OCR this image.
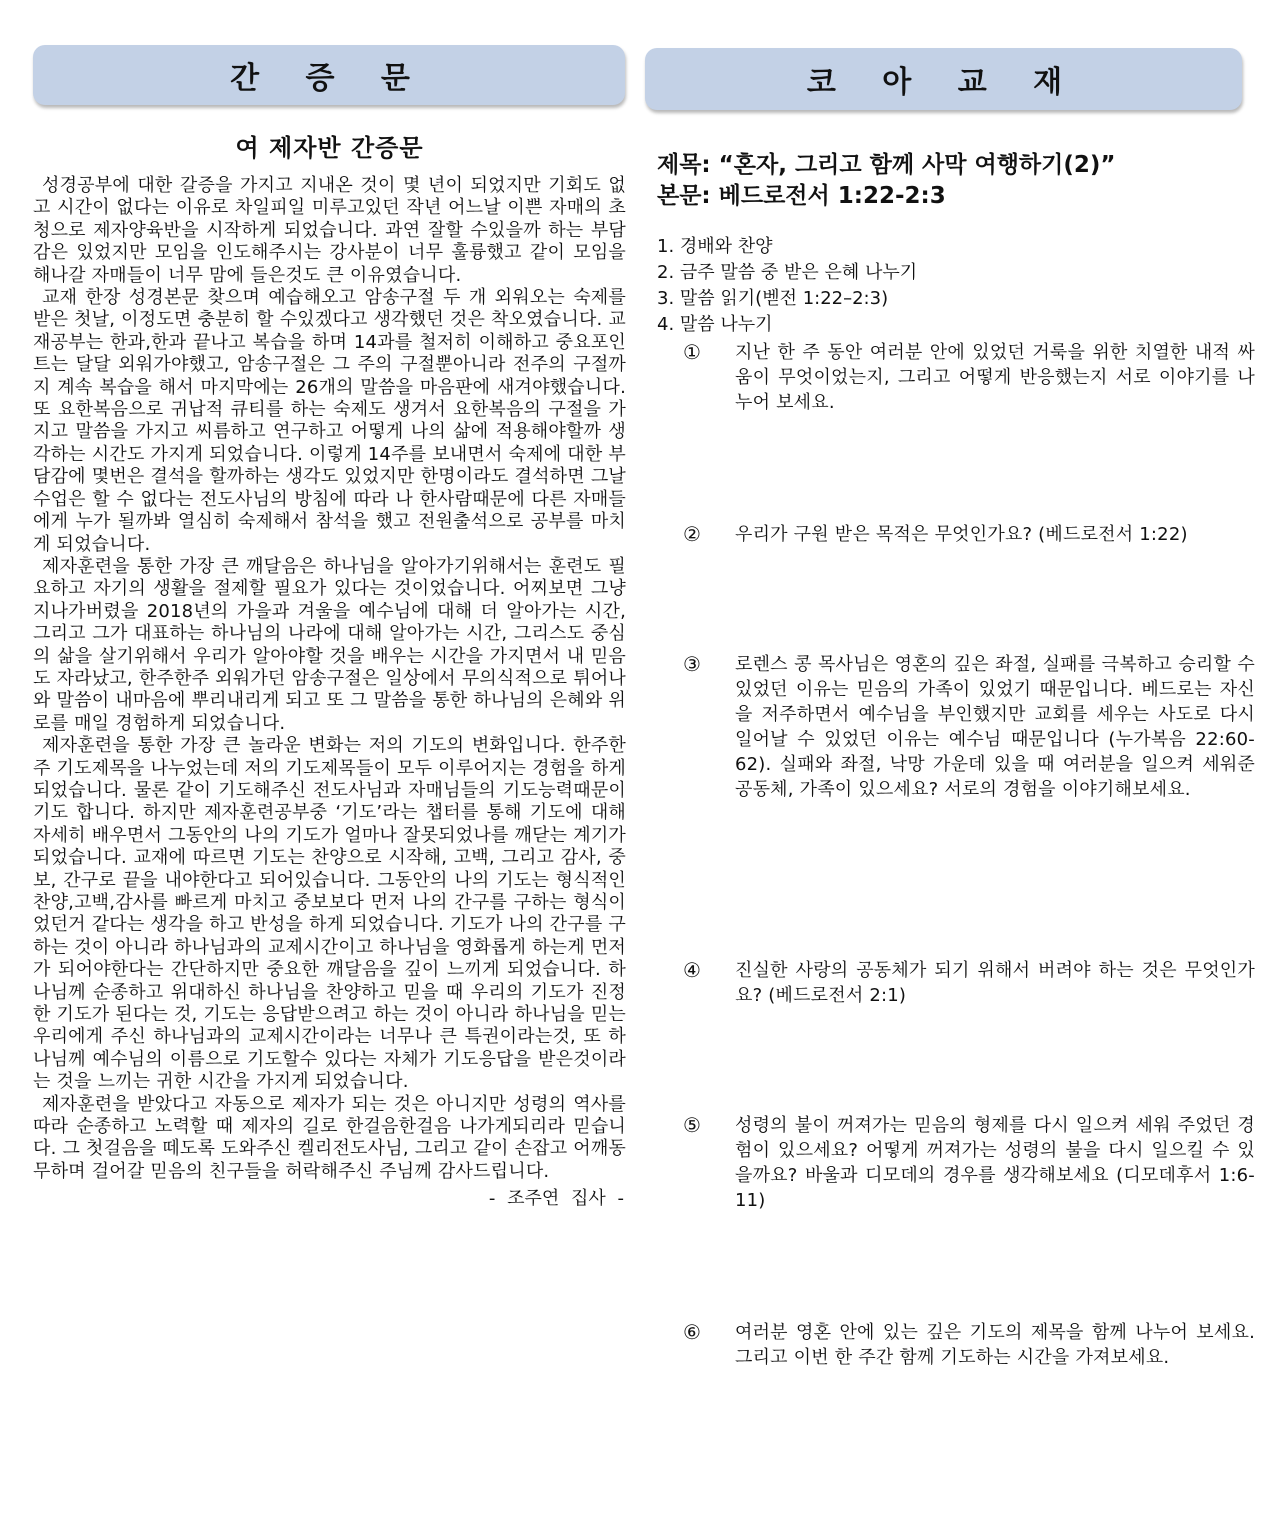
간 증 문	코 아 교 재
여 제자반 간증문

성경공부에 대한 갈증을 가지고 지내온 것이 몇 년이 되었지만 기회도 없고 시간이 없다는 이유로 차일피일 미루고있던 작년 어느날 이쁜 자매의 초청으로 제자양육반을 시작하게 되었습니다. 과연 잘할 수있을까 하는 부담감은 있었지만 모임을 인도해주시는 강사분이 너무 훌륭했고 같이 모임을 해나갈 자매들이 너무 맘에 들은것도 큰 이유였습니다.

교재 한장 성경본문 찾으며 예습해오고 암송구절 두 개 외워오는 숙제를 받은 첫날, 이정도면 충분히 할 수있겠다고 생각했던 것은 착오였습니다. 교재공부는 한과,한과 끝나고 복습을 하며 14과를 철저히 이해하고 중요포인트는 달달 외워가야했고, 암송구절은 그 주의 구절뿐아니라 전주의 구절까지 계속 복습을 해서 마지막에는 26개의 말씀을 마음판에 새겨야했습니다. 또 요한복음으로 귀납적 큐티를 하는 숙제도 생겨서 요한복음의 구절을 가지고 말씀을 가지고 씨름하고 연구하고 어떻게 나의 삶에 적용해야할까 생각하는 시간도 가지게 되었습니다. 이렇게 14주를 보내면서 숙제에 대한 부담감에 몇번은 결석을 할까하는 생각도 있었지만 한명이라도 결석하면 그날수업은 할 수 없다는 전도사님의 방침에 따라 나 한사람때문에 다른 자매들에게 누가 될까봐 열심히 숙제해서 참석을 했고 전원출석으로 공부를 마치게 되었습니다.

제자훈련을 통한 가장 큰 깨달음은 하나님을 알아가기위해서는 훈련도 필요하고 자기의 생활을 절제할 필요가 있다는 것이었습니다. 어찌보면 그냥 지나가버렸을 2018년의 가을과 겨울을 예수님에 대해 더 알아가는 시간, 그리고 그가 대표하는 하나님의 나라에 대해 알아가는 시간, 그리스도 중심의 삶을 살기위해서 우리가 알아야할 것을 배우는 시간을 가지면서 내 믿음도 자라났고, 한주한주 외워가던 암송구절은 일상에서 무의식적으로 튀어나와 말씀이 내마음에 뿌리내리게 되고 또 그 말씀을 통한 하나님의 은혜와 위로를 매일 경험하게 되었습니다.

제자훈련을 통한 가장 큰 놀라운 변화는 저의 기도의 변화입니다. 한주한주 기도제목을 나누었는데 저의 기도제목들이 모두 이루어지는 경험을 하게 되었습니다. 물론 같이 기도해주신 전도사님과 자매님들의 기도능력때문이기도 합니다. 하지만 제자훈련공부중 ‘기도’라는 챕터를 통해 기도에 대해 자세히 배우면서 그동안의 나의 기도가 얼마나 잘못되었나를 깨닫는 계기가 되었습니다. 교재에 따르면 기도는 찬양으로 시작해, 고백, 그리고 감사, 중보, 간구로 끝을 내야한다고 되어있습니다. 그동안의 나의 기도는 형식적인 찬양,고백,감사를 빠르게 마치고 중보보다 먼저 나의 간구를 구하는 형식이었던거 같다는 생각을 하고 반성을 하게 되었습니다. 기도가 나의 간구를 구하는 것이 아니라 하나님과의 교제시간이고 하나님을 영화롭게 하는게 먼저가 되어야한다는 간단하지만 중요한 깨달음을 깊이 느끼게 되었습니다. 하나님께 순종하고 위대하신 하나님을 찬양하고 믿을 때 우리의 기도가 진정한 기도가 된다는 것, 기도는 응답받으려고 하는 것이 아니라 하나님을 믿는 우리에게 주신 하나님과의 교제시간이라는 너무나 큰 특권이라는것, 또 하나님께 예수님의 이름으로 기도할수 있다는 자체가 기도응답을 받은것이라는 것을 느끼는 귀한 시간을 가지게 되었습니다.

제자훈련을 받았다고 자동으로 제자가 되는 것은 아니지만 성령의 역사를 따라 순종하고 노력할 때 제자의 길로 한걸음한걸음 나가게되리라 믿습니다. 그 첫걸음을 떼도록 도와주신 켈리전도사님, 그리고 같이 손잡고 어깨동무하며 걸어갈 믿음의 친구들을 허락해주신 주님께 감사드립니다.

- 조주연 집사 -

제목: “혼자, 그리고 함께 사막 여행하기(2)”
본문: 베드로전서 1:22-2:3
1. 경배와 찬양
2. 금주 말씀 중 받은 은혜 나누기
3. 말씀 읽기(벧전 1:22–2:3)
4. 말씀 나누기
①	지난 한 주 동안 여러분 안에 있었던 거룩을 위한 치열한 내적 싸움이 무엇이었는지, 그리고 어떻게 반응했는지 서로 이야기를 나누어 보세요.
②	우리가 구원 받은 목적은 무엇인가요? (베드로전서 1:22)
③	로렌스 콩 목사님은 영혼의 깊은 좌절, 실패를 극복하고 승리할 수 있었던 이유는 믿음의 가족이 있었기 때문입니다. 베드로는 자신을 저주하면서 예수님을 부인했지만 교회를 세우는 사도로 다시 일어날 수 있었던 이유는 예수님 때문입니다 (누가복음 22:60-62). 실패와 좌절, 낙망 가운데 있을 때 여러분을 일으켜 세워준 공동체, 가족이 있으세요? 서로의 경험을 이야기해보세요.
④	진실한 사랑의 공동체가 되기 위해서 버려야 하는 것은 무엇인가요? (베드로전서 2:1)
⑤	성령의 불이 꺼져가는 믿음의 형제를 다시 일으켜 세워 주었던 경험이 있으세요? 어떻게 꺼져가는 성령의 불을 다시 일으킬 수 있을까요? 바울과 디모데의 경우를 생각해보세요 (디모데후서 1:6-11)
⑥	여러분 영혼 안에 있는 깊은 기도의 제목을 함께 나누어 보세요. 그리고 이번 한 주간 함께 기도하는 시간을 가져보세요.
